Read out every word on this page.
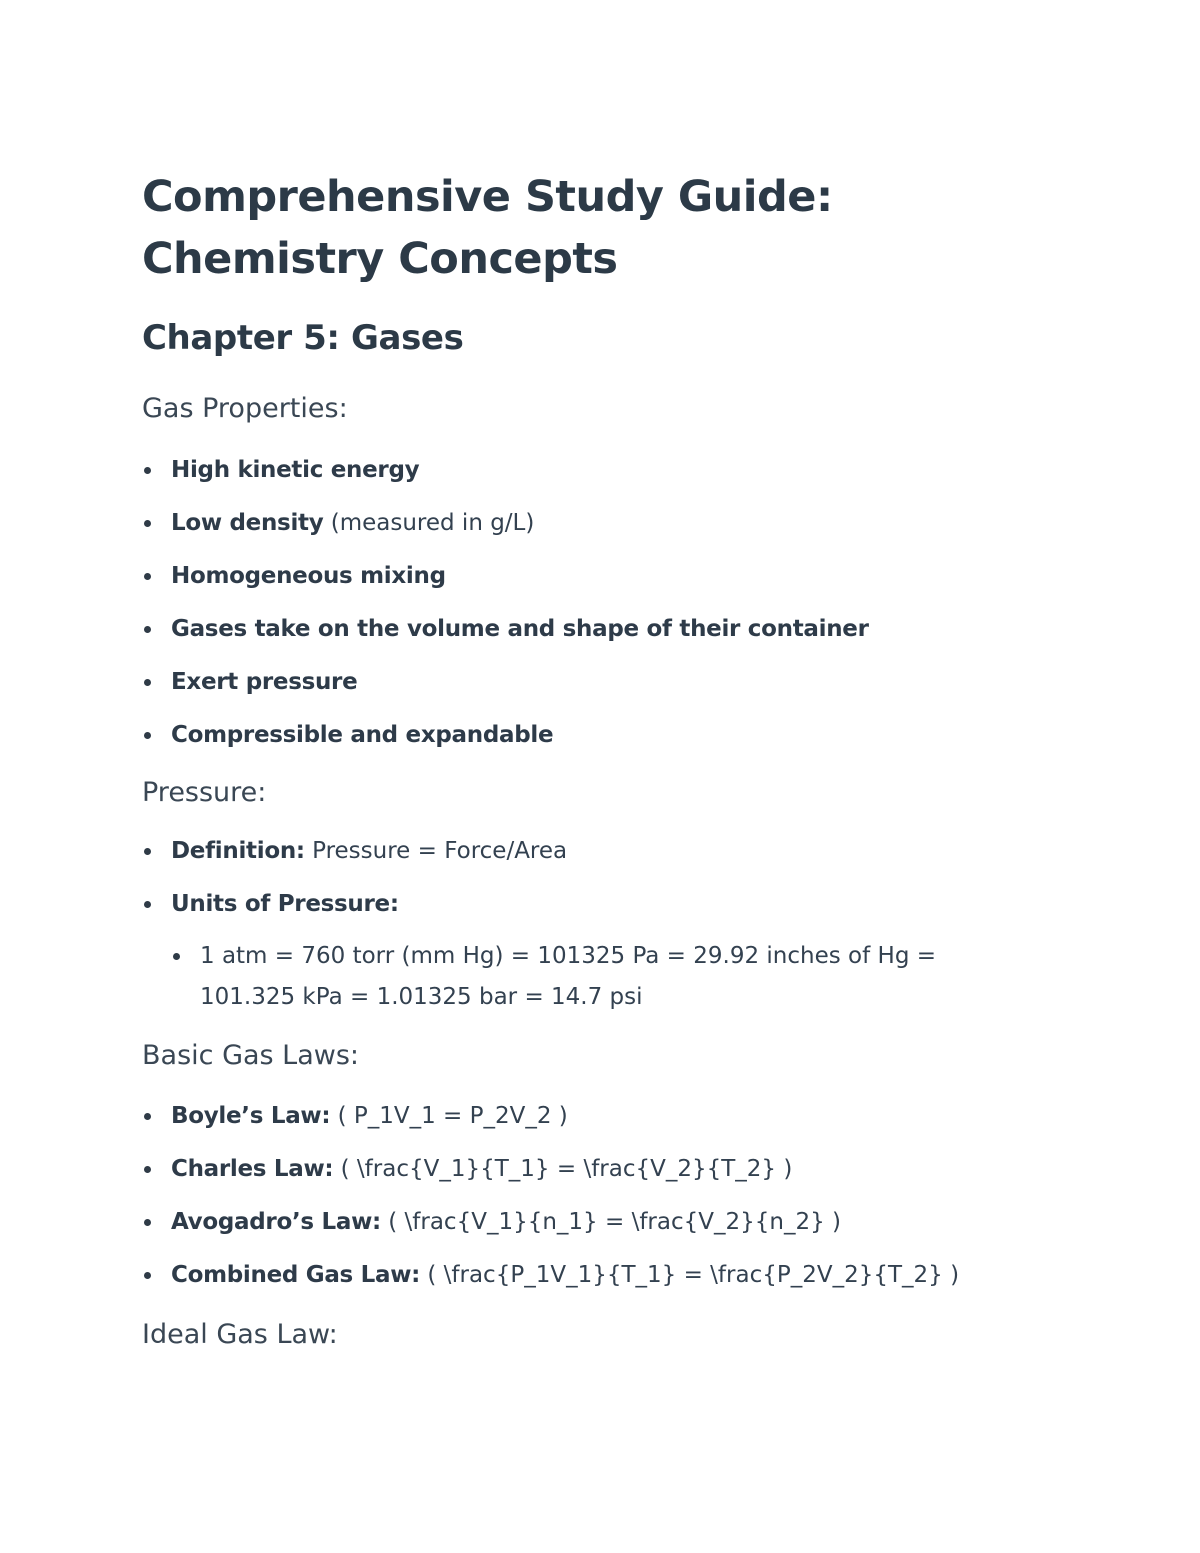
Comprehensive Study Guide:
Chemistry Concepts
Chapter 5: Gases
Gas Properties:
High kinetic energy
Low density (measured in g/L)
Homogeneous mixing
Gases take on the volume and shape of their container
Exert pressure
Compressible and expandable
Pressure:
Definition: Pressure = Force/Area
Units of Pressure:
1 atm = 760 torr (mm Hg) = 101325 Pa = 29.92 inches of Hg = 101.325 kPa = 1.01325 bar = 14.7 psi
Basic Gas Laws:
Boyle’s Law: ( P_1V_1 = P_2V_2 )
Charles Law: ( \frac{V_1}{T_1} = \frac{V_2}{T_2} )
Avogadro’s Law: ( \frac{V_1}{n_1} = \frac{V_2}{n_2} )
Combined Gas Law: ( \frac{P_1V_1}{T_1} = \frac{P_2V_2}{T_2} )
Ideal Gas Law:
